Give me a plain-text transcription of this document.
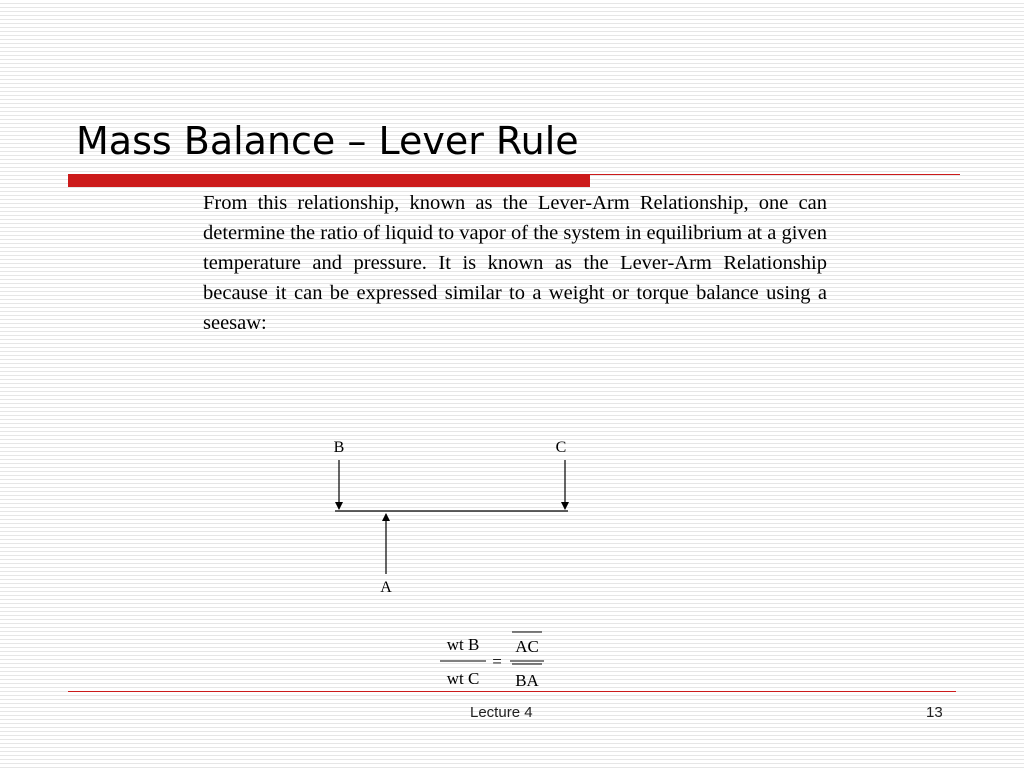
Mass Balance – Lever Rule

From this relationship, known as the Lever-Arm Relationship, one can determine the ratio of liquid to vapor of the system in equilibrium at a given temperature and pressure. It is known as the Lever-Arm Relationship because it can be expressed similar to a weight or torque balance using a seesaw:

B	C
A
wt B
wt C
=
AC
BA
Lecture 4	13
